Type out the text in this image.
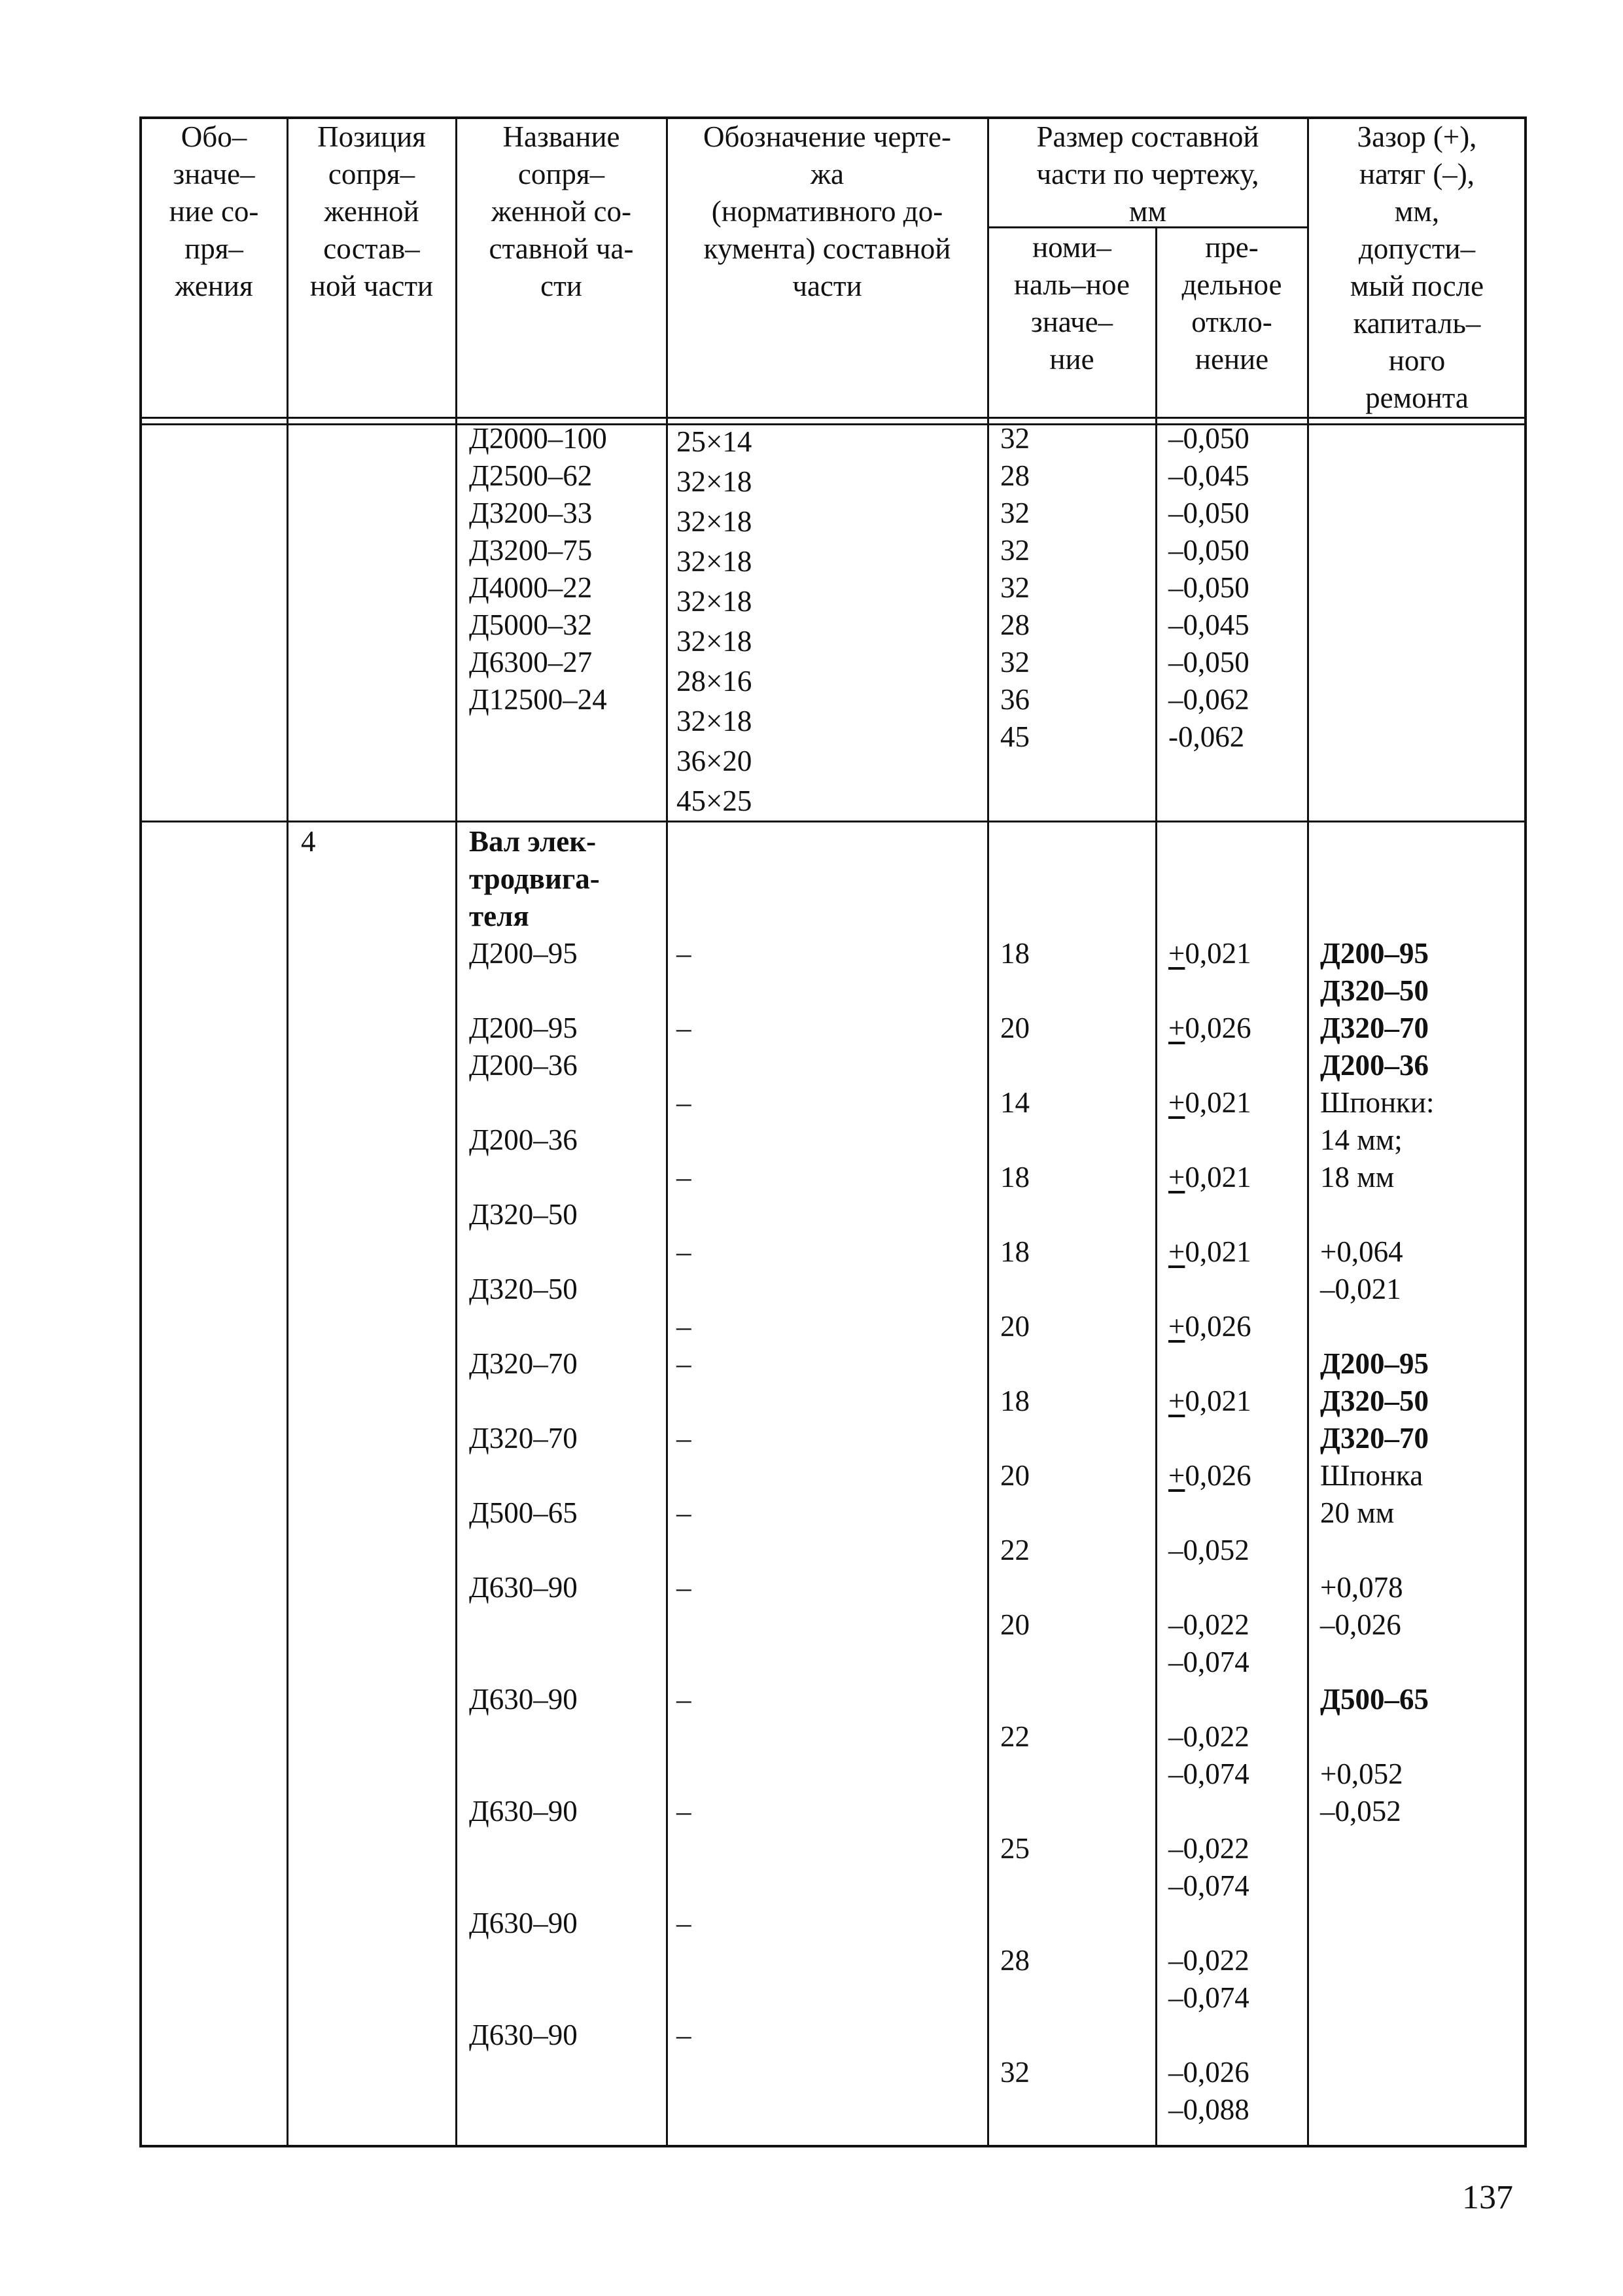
Обо–
значе–
ние со-
пря–
жения
Позиция
сопря–
женной
состав–
ной части
Название
сопря–
женной со-
ставной ча-
сти
Обозначение черте-
жа
(нормативного до-
кумента) составной
части
Размер составной
части по чертежу,
мм
номи–
наль–ное
значе–
ние
пре-
дельное
откло-
нение
Зазор (+),
натяг (–),
мм,
допусти–
мый после
капиталь–
ного
ремонта
Д2000–100
Д2500–62
Д3200–33
Д3200–75
Д4000–22
Д5000–32
Д6300–27
Д12500–24
25×14
32×18
32×18
32×18
32×18
32×18
28×16
32×18
36×20
45×25
32
28
32
32
32
28
32
36
45
–0,050
–0,045
–0,050
–0,050
–0,050
–0,045
–0,050
–0,062
-0,062
4	Вал элек-
тродвига-
теля
Д200–95
Д200–95
Д200–36
Д200–36
Д320–50
Д320–50
Д320–70
Д320–70
Д500–65
Д630–90
Д630–90
Д630–90
Д630–90
Д630–90
–
–
–
–
–
–
–
–
–
–
–
–
–
–
18
20
14
18
18
20
18
20
22
20
22
25
28
32
+0,021
+0,026
+0,021
+0,021
+0,021
+0,026
+0,021
+0,026
–0,052
–0,022
–0,074
–0,022
–0,074
–0,022
–0,074
–0,022
–0,074
–0,026
–0,088
Д200–95
Д320–50
Д320–70
Д200–36
Шпонки:
14 мм;
18 мм
+0,064
–0,021
Д200–95
Д320–50
Д320–70
Шпонка
20 мм
+0,078
–0,026
Д500–65
+0,052
–0,052
137
